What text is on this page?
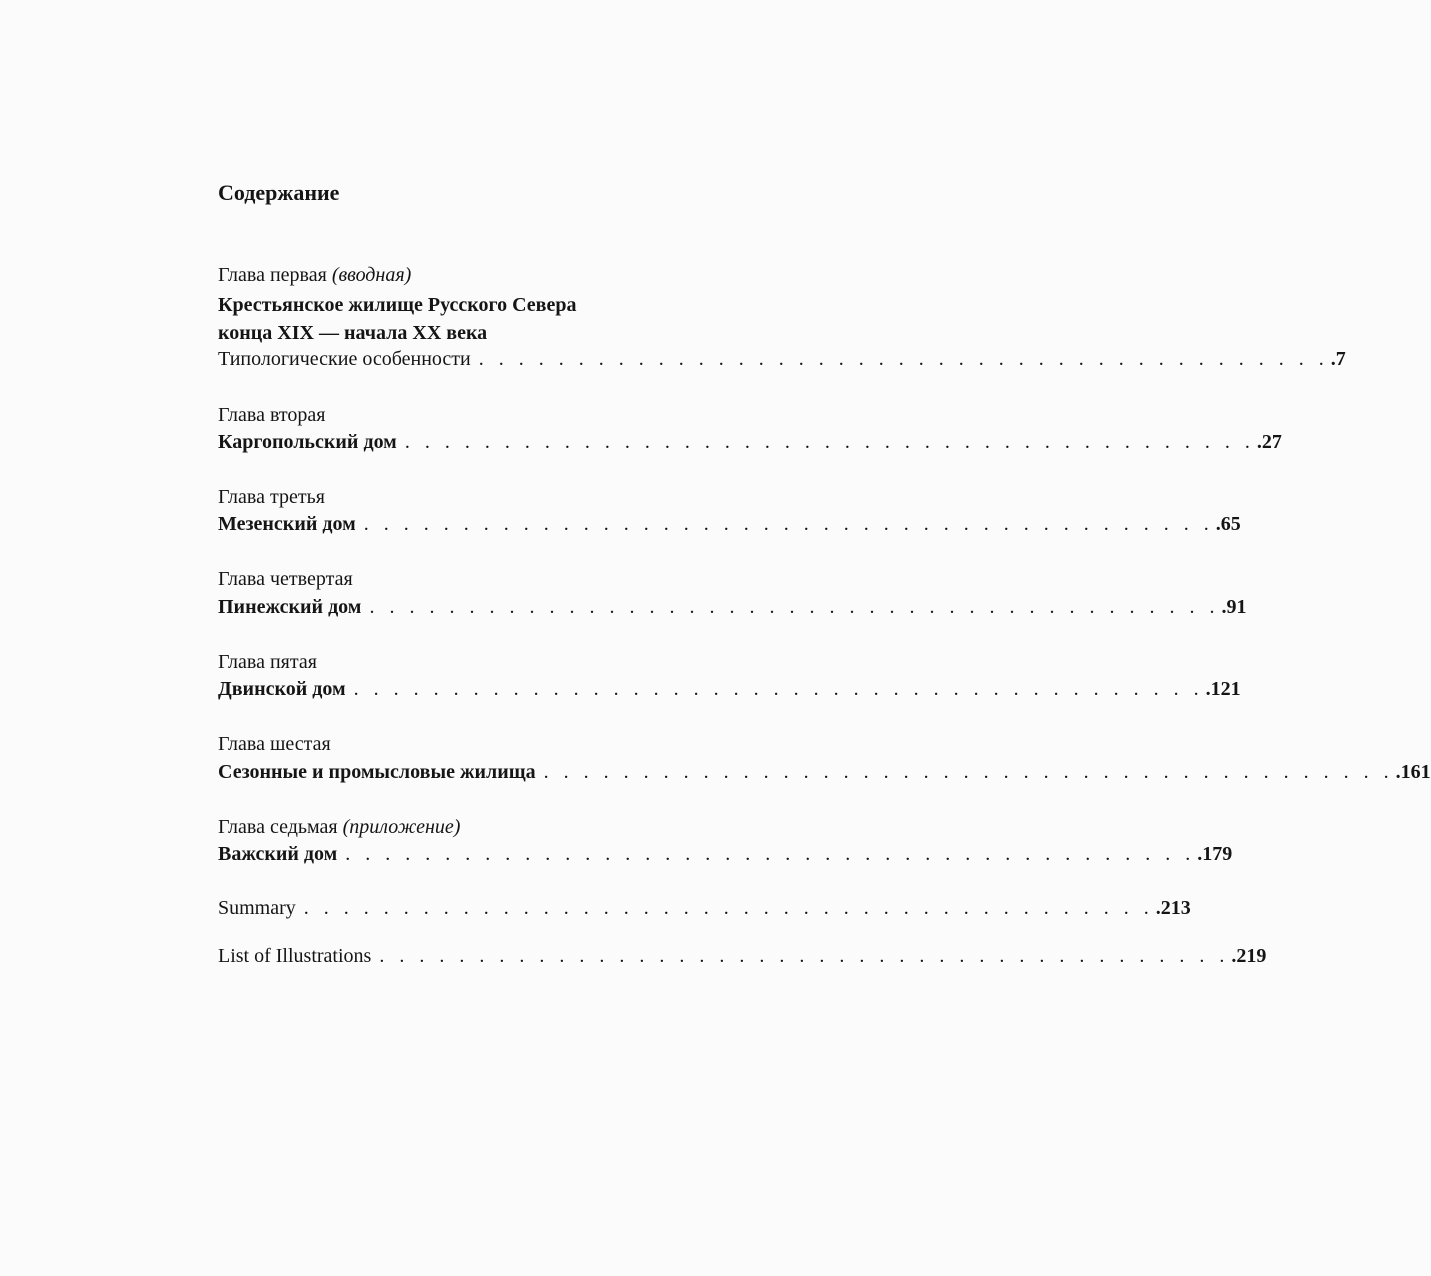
Содержание
Глава первая (вводная)
Крестьянское жилище Русского Севера
конца XIX — начала XX века
Типологические особенности . . . . . . . . . . . . . . . . . . . . . . . . . . . . . . . . . . . . . . . . . . . .7
Глава вторая
Каргопольский дом . . . . . . . . . . . . . . . . . . . . . . . . . . . . . . . . . . . . . . . . . . . .27
Глава третья
Мезенский дом . . . . . . . . . . . . . . . . . . . . . . . . . . . . . . . . . . . . . . . . . . . .65
Глава четвертая
Пинежский дом . . . . . . . . . . . . . . . . . . . . . . . . . . . . . . . . . . . . . . . . . . . .91
Глава пятая
Двинской дом . . . . . . . . . . . . . . . . . . . . . . . . . . . . . . . . . . . . . . . . . . . .121
Глава шестая
Сезонные и промысловые жилища . . . . . . . . . . . . . . . . . . . . . . . . . . . . . . . . . . . . . . . . . . . .161
Глава седьмая (приложение)
Важский дом . . . . . . . . . . . . . . . . . . . . . . . . . . . . . . . . . . . . . . . . . . . .179
Summary . . . . . . . . . . . . . . . . . . . . . . . . . . . . . . . . . . . . . . . . . . . .213
List of Illustrations . . . . . . . . . . . . . . . . . . . . . . . . . . . . . . . . . . . . . . . . . . . .219
